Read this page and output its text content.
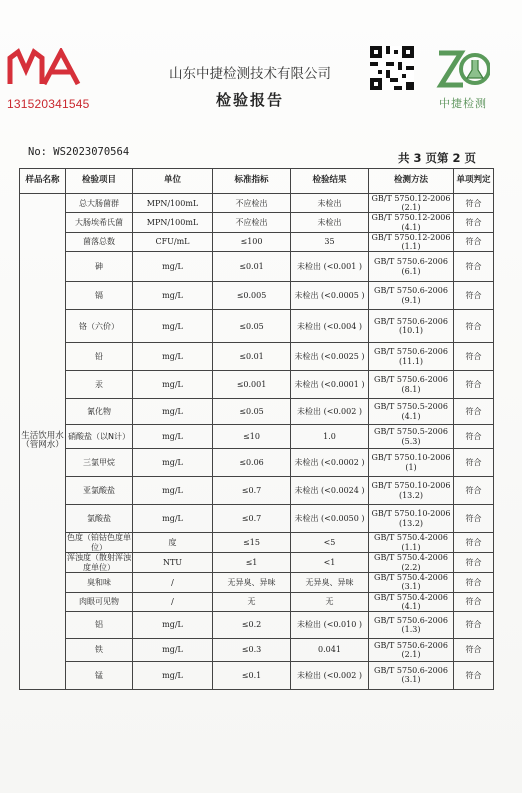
131520341545
山东中捷检测技术有限公司
检验报告	中捷检测
No: WS2023070564	共 3 页第 2 页
样品名称	检验项目	单位	标准指标	检验结果	检测方法	单项判定
生活饮用水（管网水）	总大肠菌群	MPN/100mL	不应检出	未检出	GB/T 5750.12-2006 (2.1)	符合
	大肠埃希氏菌	MPN/100mL	不应检出	未检出	GB/T 5750.12-2006 (4.1)	符合
	菌落总数	CFU/mL	≤100	35	GB/T 5750.12-2006 (1.1)	符合
	砷	mg/L	≤0.01	未检出 (<0.001 )	GB/T 5750.6-2006 (6.1)	符合
	镉	mg/L	≤0.005	未检出 (<0.0005 )	GB/T 5750.6-2006 (9.1)	符合
	铬（六价）	mg/L	≤0.05	未检出 (<0.004 )	GB/T 5750.6-2006 (10.1)	符合
	铅	mg/L	≤0.01	未检出 (<0.0025 )	GB/T 5750.6-2006 (11.1)	符合
	汞	mg/L	≤0.001	未检出 (<0.0001 )	GB/T 5750.6-2006 (8.1)	符合
	氰化物	mg/L	≤0.05	未检出 (<0.002 )	GB/T 5750.5-2006 (4.1)	符合
	硝酸盐（以N计）	mg/L	≤10	1.0	GB/T 5750.5-2006 (5.3)	符合
	三氯甲烷	mg/L	≤0.06	未检出 (<0.0002 )	GB/T 5750.10-2006 (1)	符合
	亚氯酸盐	mg/L	≤0.7	未检出 (<0.0024 )	GB/T 5750.10-2006 (13.2)	符合
	氯酸盐	mg/L	≤0.7	未检出 (<0.0050 )	GB/T 5750.10-2006 (13.2)	符合
	色度（铂钴色度单位）	度	≤15	<5	GB/T 5750.4-2006 (1.1)	符合
	浑浊度（散射浑浊度单位）	NTU	≤1	<1	GB/T 5750.4-2006 (2.2)	符合
	臭和味	/	无异臭、异味	无异臭、异味	GB/T 5750.4-2006 (3.1)	符合
	肉眼可见物	/	无	无	GB/T 5750.4-2006 (4.1)	符合
	铝	mg/L	≤0.2	未检出 (<0.010 )	GB/T 5750.6-2006 (1.3)	符合
	铁	mg/L	≤0.3	0.041	GB/T 5750.6-2006 (2.1)	符合
	锰	mg/L	≤0.1	未检出 (<0.002 )	GB/T 5750.6-2006 (3.1)	符合
